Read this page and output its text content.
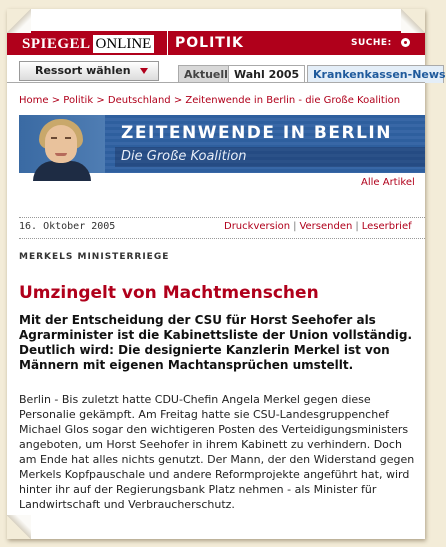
SPIEGEL ONLINE POLITIK	SUCHE:
Ressort wählen	Aktuell Wahl 2005	Krankenkassen-News
Home > Politik > Deutschland > Zeitenwende in Berlin - die Große Koalition
ZEITENWENDE IN BERLIN
Die Große Koalition
Alle Artikel
16. Oktober 2005	Druckversion | Versenden | Leserbrief
MERKELS MINISTERRIEGE
Umzingelt von Machtmenschen
Mit der Entscheidung der CSU für Horst Seehofer als Agrarminister ist die Kabinettsliste der Union vollständig. Deutlich wird: Die designierte Kanzlerin Merkel ist von Männern mit eigenen Machtansprüchen umstellt.
Berlin - Bis zuletzt hatte CDU-Chefin Angela Merkel gegen diese Personalie gekämpft. Am Freitag hatte sie CSU-Landesgruppenchef Michael Glos sogar den wichtigeren Posten des Verteidigungsministers angeboten, um Horst Seehofer in ihrem Kabinett zu verhindern. Doch am Ende hat alles nichts genutzt. Der Mann, der den Widerstand gegen Merkels Kopfpauschale und andere Reformprojekte angeführt hat, wird hinter ihr auf der Regierungsbank Platz nehmen - als Minister für Landwirtschaft und Verbraucherschutz.
